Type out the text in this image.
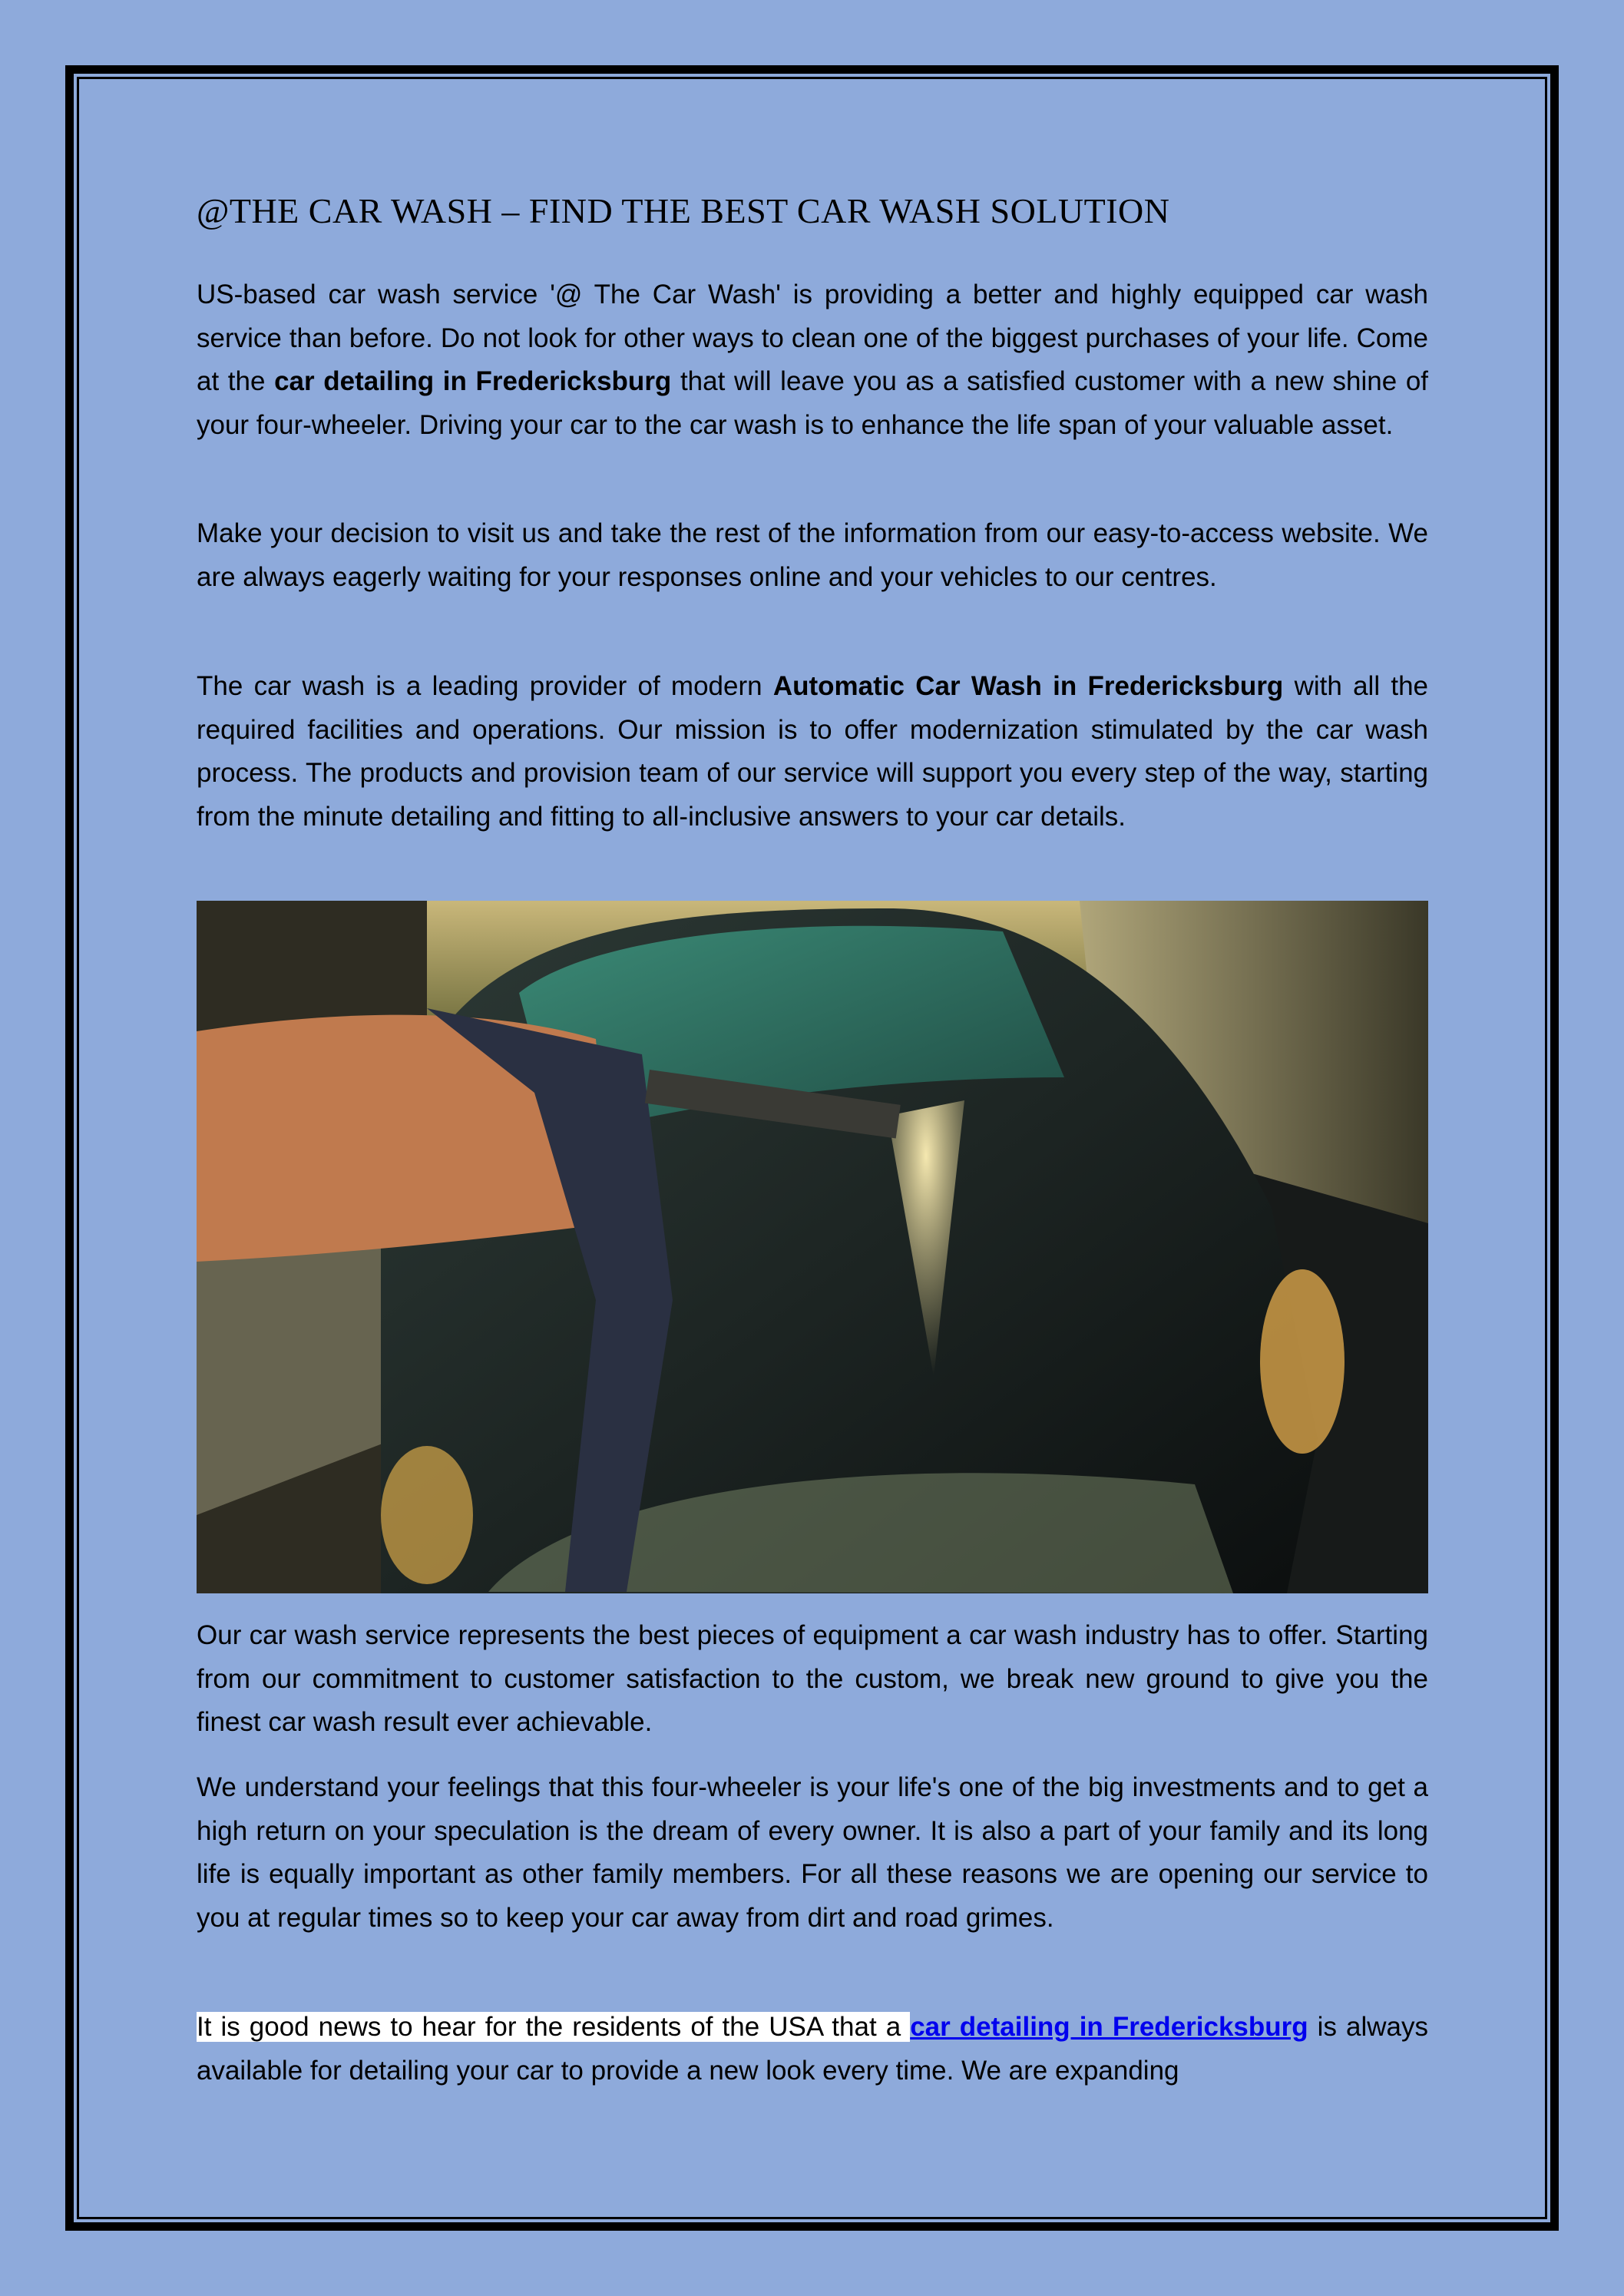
@THE CAR WASH – FIND THE BEST CAR WASH SOLUTION

US-based car wash service '@ The Car Wash' is providing a better and highly equipped car wash service than before. Do not look for other ways to clean one of the biggest purchases of your life. Come at the car detailing in Fredericksburg that will leave you as a satisfied customer with a new shine of your four-wheeler. Driving your car to the car wash is to enhance the life span of your valuable asset.

Make your decision to visit us and take the rest of the information from our easy-to-access website. We are always eagerly waiting for your responses online and your vehicles to our centres.

The car wash is a leading provider of modern Automatic Car Wash in Fredericksburg with all the required facilities and operations. Our mission is to offer modernization stimulated by the car wash process. The products and provision team of our service will support you every step of the way, starting from the minute detailing and fitting to all-inclusive answers to your car details.

Our car wash service represents the best pieces of equipment a car wash industry has to offer. Starting from our commitment to customer satisfaction to the custom, we break new ground to give you the finest car wash result ever achievable.

We understand your feelings that this four-wheeler is your life's one of the big investments and to get a high return on your speculation is the dream of every owner. It is also a part of your family and its long life is equally important as other family members. For all these reasons we are opening our service to you at regular times so to keep your car away from dirt and road grimes.

It is good news to hear for the residents of the USA that a car detailing in Fredericksburg is always available for detailing your car to provide a new look every time. We are expanding
